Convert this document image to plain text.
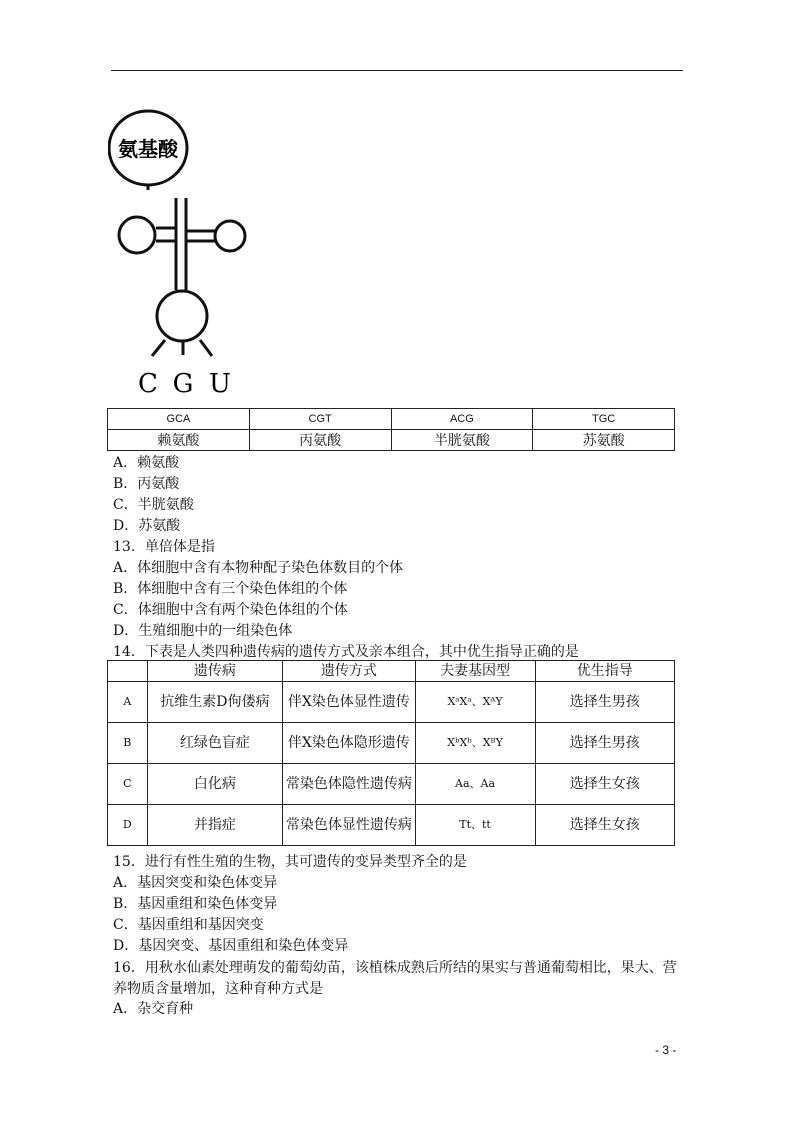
氨基酸
C G U
GCA	CGT	ACG	TGC
赖氨酸	丙氨酸	半胱氨酸	苏氨酸
A．赖氨酸
B．丙氨酸
C．半胱氨酸
D．苏氨酸
13．单倍体是指
A．体细胞中含有本物种配子染色体数目的个体
B．体细胞中含有三个染色体组的个体
C．体细胞中含有两个染色体组的个体
D．生殖细胞中的一组染色体
14．下表是人类四种遗传病的遗传方式及亲本组合，其中优生指导正确的是
	遗传病	遗传方式	夫妻基因型	优生指导
A	抗维生素D佝偻病	伴X染色体显性遗传	XᵃXᵃ、XᴬY	选择生男孩
B	红绿色盲症	伴X染色体隐形遗传	XᵇXᵇ、XᴮY	选择生男孩
C	白化病	常染色体隐性遗传病	Aa、Aa	选择生女孩
D	并指症	常染色体显性遗传病	Tt、tt	选择生女孩
15．进行有性生殖的生物，其可遗传的变异类型齐全的是
A．基因突变和染色体变异
B．基因重组和染色体变异
C．基因重组和基因突变
D．基因突变、基因重组和染色体变异
16．用秋水仙素处理萌发的葡萄幼苗，该植株成熟后所结的果实与普通葡萄相比，果大、营养物质含量增加，这种育种方式是
A．杂交育种
- 3 -
